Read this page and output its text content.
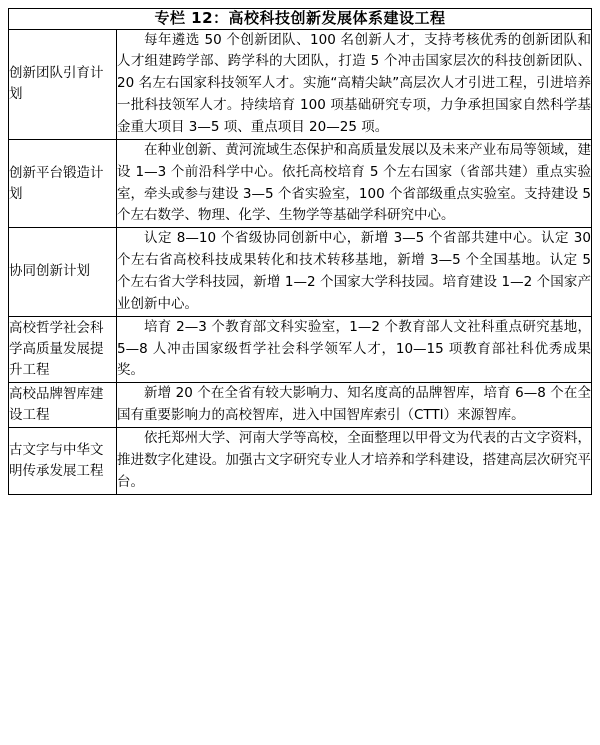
专栏 12：高校科技创新发展体系建设工程	
创新团队引育计划	每年遴选 50 个创新团队、100 名创新人才，支持考核优秀的创新团队和人才组建跨学部、跨学科的大团队，打造 5 个冲击国家层次的科技创新团队、20 名左右国家科技领军人才。实施“高精尖缺”高层次人才引进工程，引进培养一批科技领军人才。持续培育 100 项基础研究专项，力争承担国家自然科学基金重大项目 3—5 项、重点项目 20—25 项。

创新平台锻造计划	在种业创新、黄河流域生态保护和高质量发展以及未来产业布局等领域，建设 1—3 个前沿科学中心。依托高校培育 5 个左右国家（省部共建）重点实验室，牵头或参与建设 3—5 个省实验室，100 个省部级重点实验室。支持建设 5 个左右数学、物理、化学、生物学等基础学科研究中心。

协同创新计划	认定 8—10 个省级协同创新中心，新增 3—5 个省部共建中心。认定 30 个左右省高校科技成果转化和技术转移基地，新增 3—5 个全国基地。认定 5 个左右省大学科技园，新增 1—2 个国家大学科技园。培育建设 1—2 个国家产业创新中心。

高校哲学社会科学高质量发展提升工程	培育 2—3 个教育部文科实验室，1—2 个教育部人文社科重点研究基地，5—8 人冲击国家级哲学社会科学领军人才，10—15 项教育部社科优秀成果奖。

高校品牌智库建设工程	新增 20 个在全省有较大影响力、知名度高的品牌智库，培育 6—8 个在全国有重要影响力的高校智库，进入中国智库索引（CTTI）来源智库。

古文字与中华文明传承发展工程	依托郑州大学、河南大学等高校，全面整理以甲骨文为代表的古文字资料，推进数字化建设。加强古文字研究专业人才培养和学科建设，搭建高层次研究平台。
